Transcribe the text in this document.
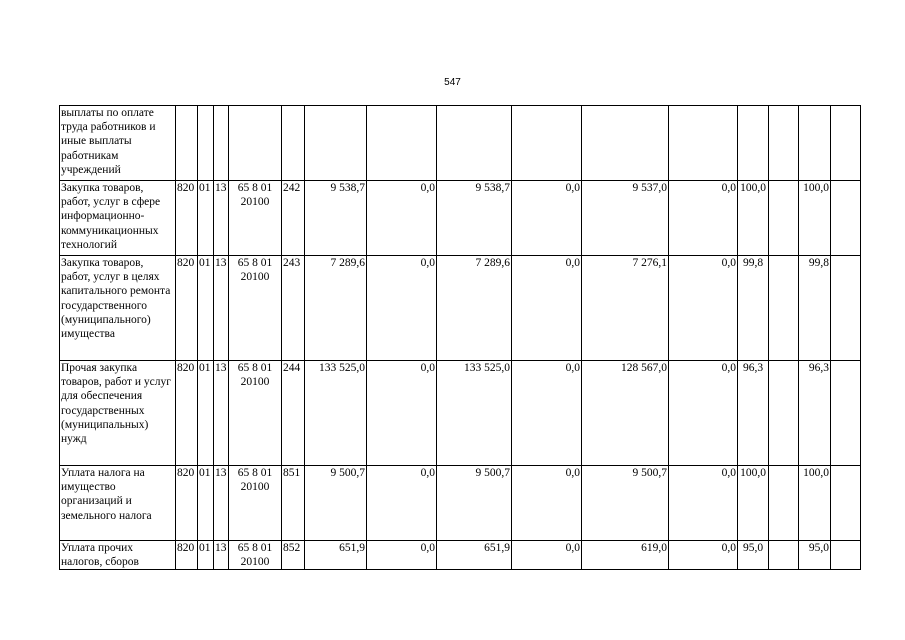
547
выплаты по оплате труда работников и иные выплаты работникам учреждений															
Закупка товаров, работ, услуг в сфере информационно-коммуникационных технологий	820	01	13	65 8 01 20100	242	9 538,7	0,0	9 538,7	0,0	9 537,0	0,0	100,0		100,0	
Закупка товаров, работ, услуг в целях капитального ремонта государственного (муниципального) имущества	820	01	13	65 8 01 20100	243	7 289,6	0,0	7 289,6	0,0	7 276,1	0,0	99,8		99,8	
Прочая закупка товаров, работ и услуг для обеспечения государственных (муниципальных) нужд	820	01	13	65 8 01 20100	244	133 525,0	0,0	133 525,0	0,0	128 567,0	0,0	96,3		96,3	
Уплата налога на имущество организаций и земельного налога	820	01	13	65 8 01 20100	851	9 500,7	0,0	9 500,7	0,0	9 500,7	0,0	100,0		100,0	
Уплата прочих налогов, сборов	820	01	13	65 8 01 20100	852	651,9	0,0	651,9	0,0	619,0	0,0	95,0		95,0	
